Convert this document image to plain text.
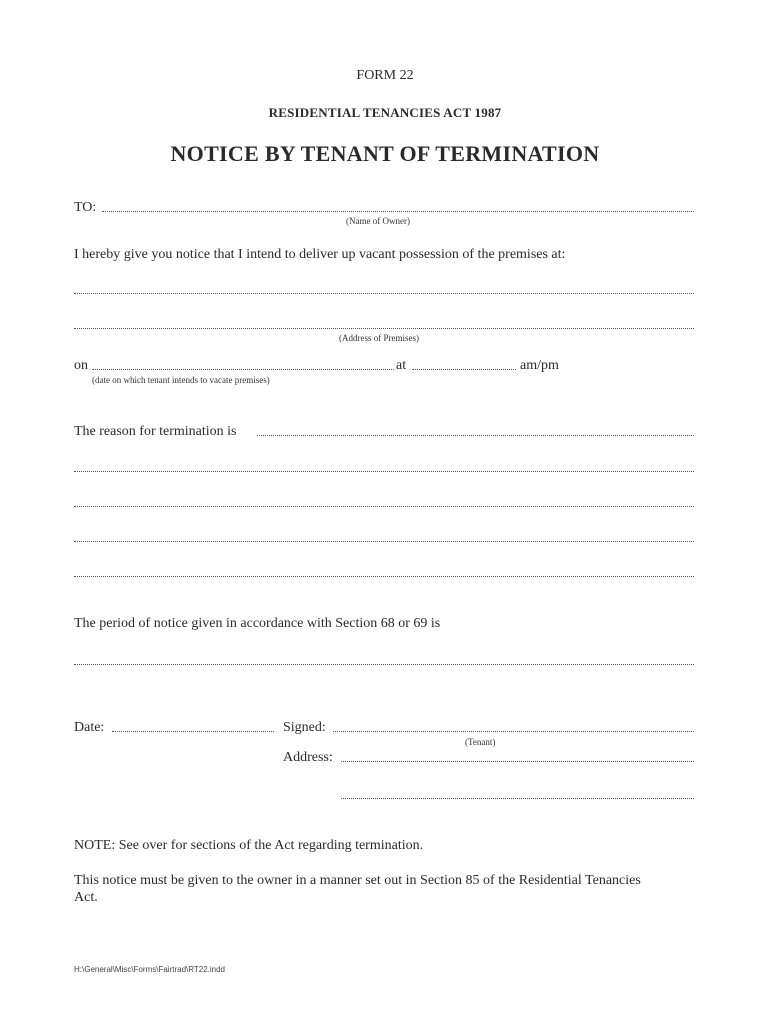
FORM 22
RESIDENTIAL TENANCIES ACT 1987
NOTICE BY TENANT OF TERMINATION
TO:
(Name of Owner)
I hereby give you notice that I intend to deliver up vacant possession of the premises at:
(Address of Premises)
on	at	am/pm
(date on which tenant intends to vacate premises)
The reason for termination is
The period of notice given in accordance with Section 68 or 69 is
Date:	Signed:
(Tenant)
Address:
NOTE: See over for sections of the Act regarding termination.
This notice must be given to the owner in a manner set out in Section 85 of the Residential Tenancies
Act.
H:\General\Misc\Forms\Fairtrad\RT22.indd
